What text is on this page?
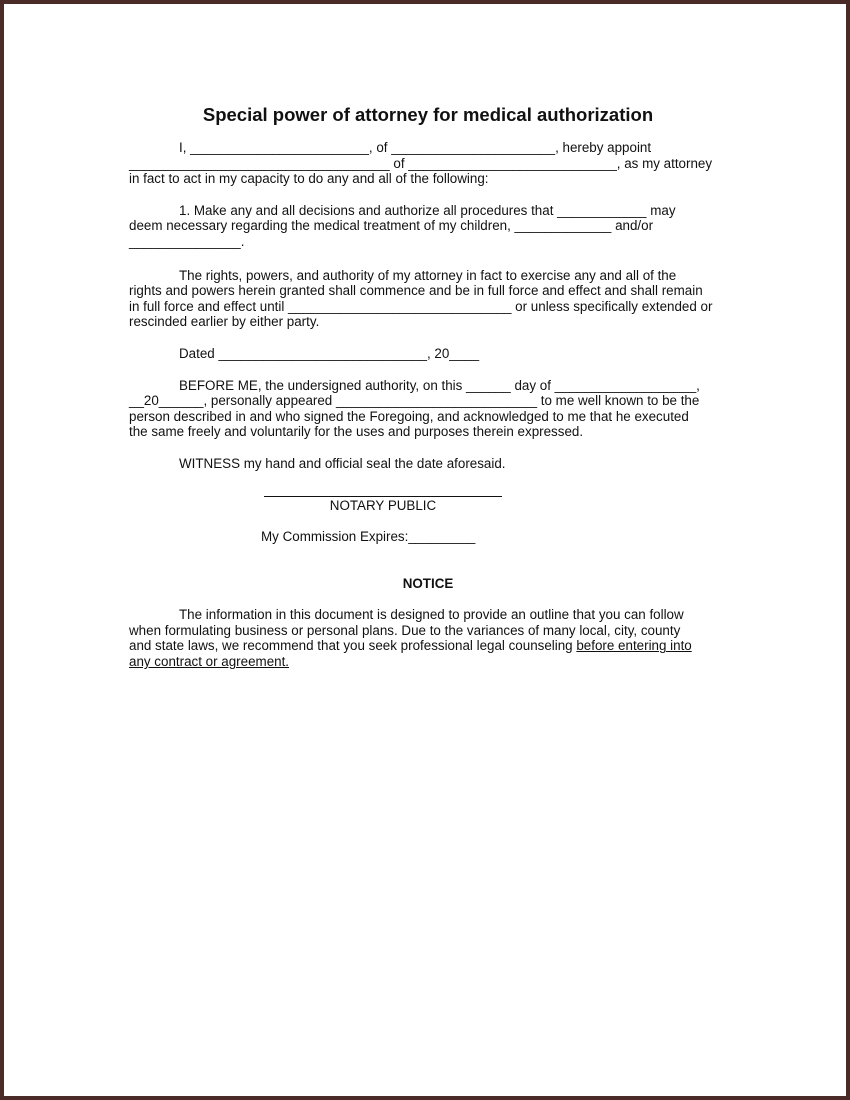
Special power of attorney for medical authorization

I, ________________________, of ______________________, hereby appoint
___________________________________ of ____________________________, as my attorney
in fact to act in my capacity to do any and all of the following:

1. Make any and all decisions and authorize all procedures that ____________ may
deem necessary regarding the medical treatment of my children, _____________ and/or
_______________.

The rights, powers, and authority of my attorney in fact to exercise any and all of the
rights and powers herein granted shall commence and be in full force and effect and shall remain
in full force and effect until ______________________________ or unless specifically extended or
rescinded earlier by either party.

Dated ____________________________, 20____

BEFORE ME, the undersigned authority, on this ______ day of ___________________,
__20______, personally appeared ___________________________ to me well known to be the
person described in and who signed the Foregoing, and acknowledged to me that he executed
the same freely and voluntarily for the uses and purposes therein expressed.

WITNESS my hand and official seal the date aforesaid.

NOTARY PUBLIC

My Commission Expires:_________

NOTICE

The information in this document is designed to provide an outline that you can follow
when formulating business or personal plans. Due to the variances of many local, city, county
and state laws, we recommend that you seek professional legal counseling before entering into
any contract or agreement.
